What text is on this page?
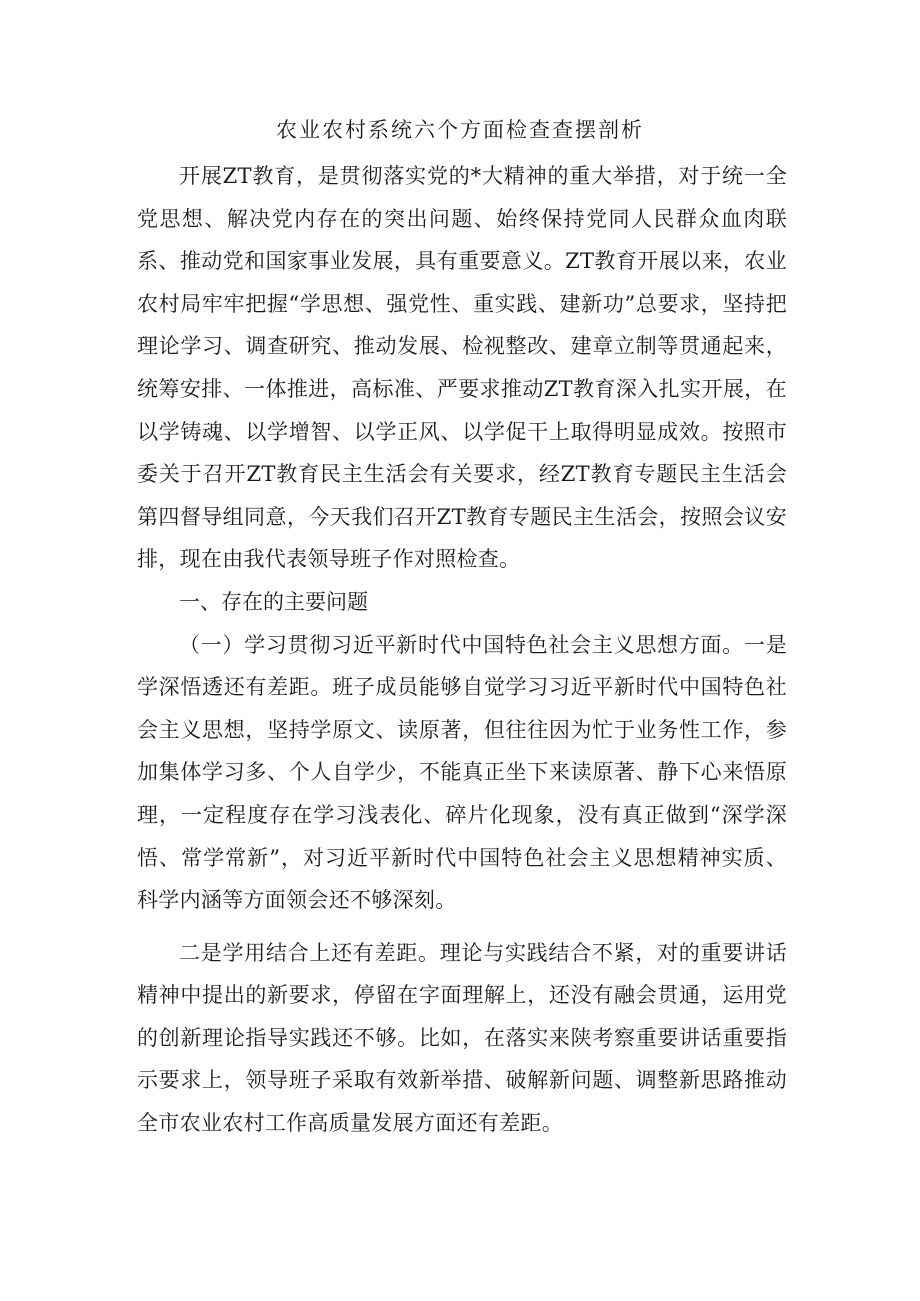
农业农村系统六个方面检查查摆剖析

开展ZT教育，是贯彻落实党的*大精神的重大举措，对于统一全党思想、解决党内存在的突出问题、始终保持党同人民群众血肉联系、推动党和国家事业发展，具有重要意义。ZT教育开展以来，农业农村局牢牢把握“学思想、强党性、重实践、建新功”总要求，坚持把理论学习、调查研究、推动发展、检视整改、建章立制等贯通起来，统筹安排、一体推进，高标准、严要求推动ZT教育深入扎实开展，在以学铸魂、以学增智、以学正风、以学促干上取得明显成效。按照市委关于召开ZT教育民主生活会有关要求，经ZT教育专题民主生活会第四督导组同意，今天我们召开ZT教育专题民主生活会，按照会议安排，现在由我代表领导班子作对照检查。

一、存在的主要问题

（一）学习贯彻习近平新时代中国特色社会主义思想方面。一是学深悟透还有差距。班子成员能够自觉学习习近平新时代中国特色社会主义思想，坚持学原文、读原著，但往往因为忙于业务性工作，参加集体学习多、个人自学少，不能真正坐下来读原著、静下心来悟原理，一定程度存在学习浅表化、碎片化现象，没有真正做到“深学深悟、常学常新”，对习近平新时代中国特色社会主义思想精神实质、科学内涵等方面领会还不够深刻。

二是学用结合上还有差距。理论与实践结合不紧，对的重要讲话精神中提出的新要求，停留在字面理解上，还没有融会贯通，运用党的创新理论指导实践还不够。比如，在落实来陕考察重要讲话重要指示要求上，领导班子采取有效新举措、破解新问题、调整新思路推动全市农业农村工作高质量发展方面还有差距。
